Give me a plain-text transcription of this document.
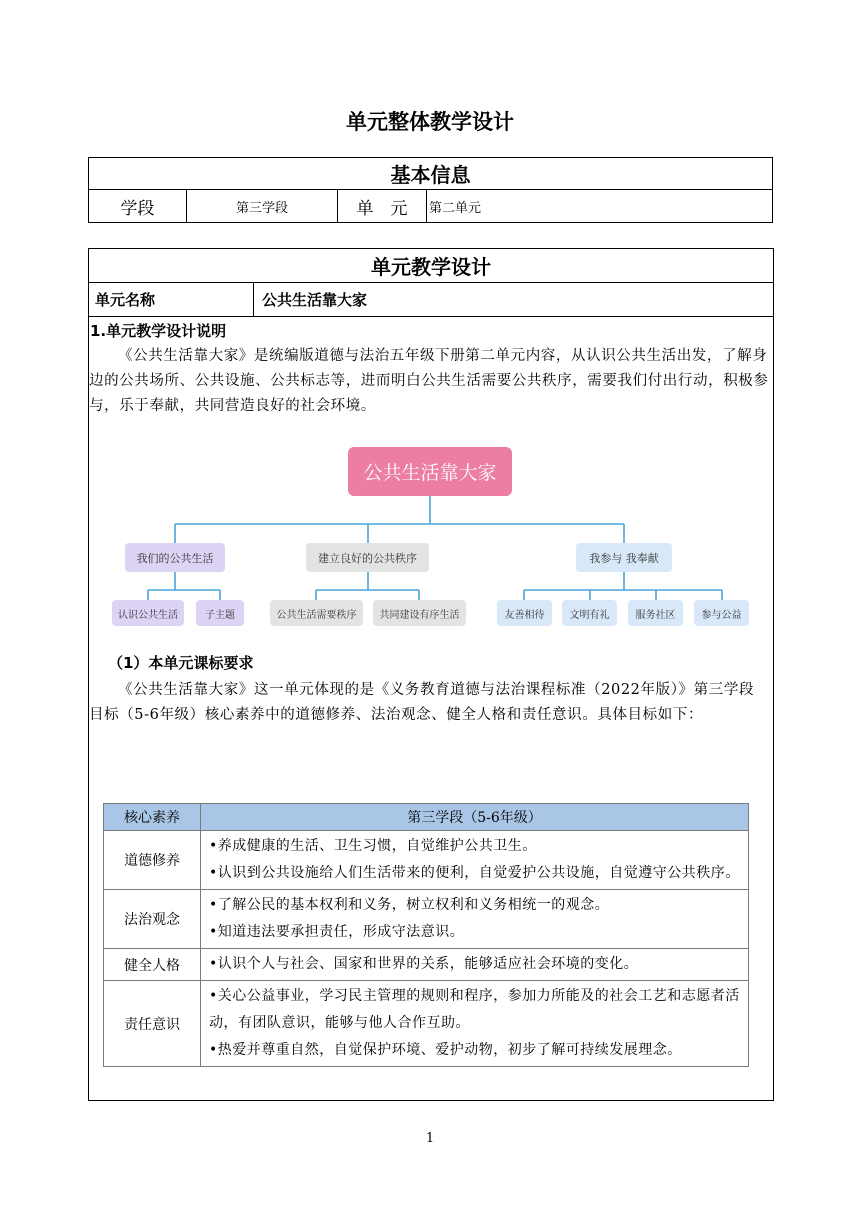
单元整体教学设计
基本信息
学段	第三学段	单　元	第二单元
单元教学设计
单元名称	公共生活靠大家
1.单元教学设计说明
《公共生活靠大家》是统编版道德与法治五年级下册第二单元内容，从认识公共生活出发，了解身边的公共场所、公共设施、公共标志等，进而明白公共生活需要公共秩序，需要我们付出行动，积极参与，乐于奉献，共同营造良好的社会环境。
公共生活靠大家
我们的公共生活	建立良好的公共秩序	我参与 我奉献
认识公共生活	子主题	公共生活需要秩序	共同建设有序生活	友善相待	文明有礼	服务社区	参与公益
（1）本单元课标要求
《公共生活靠大家》这一单元体现的是《义务教育道德与法治课程标准（2022年版）》第三学段目标（5-6年级）核心素养中的道德修养、法治观念、健全人格和责任意识。具体目标如下：
核心素养	第三学段（5-6年级）
道德修养	•养成健康的生活、卫生习惯，自觉维护公共卫生。
•认识到公共设施给人们生活带来的便利，自觉爱护公共设施，自觉遵守公共秩序。

法治观念	•了解公民的基本权利和义务，树立权利和义务相统一的观念。
•知道违法要承担责任，形成守法意识。

健全人格	•认识个人与社会、国家和世界的关系，能够适应社会环境的变化。

责任意识	•关心公益事业，学习民主管理的规则和程序，参加力所能及的社会工艺和志愿者活动，有团队意识，能够与他人合作互助。
•热爱并尊重自然，自觉保护环境、爱护动物，初步了解可持续发展理念。
1
